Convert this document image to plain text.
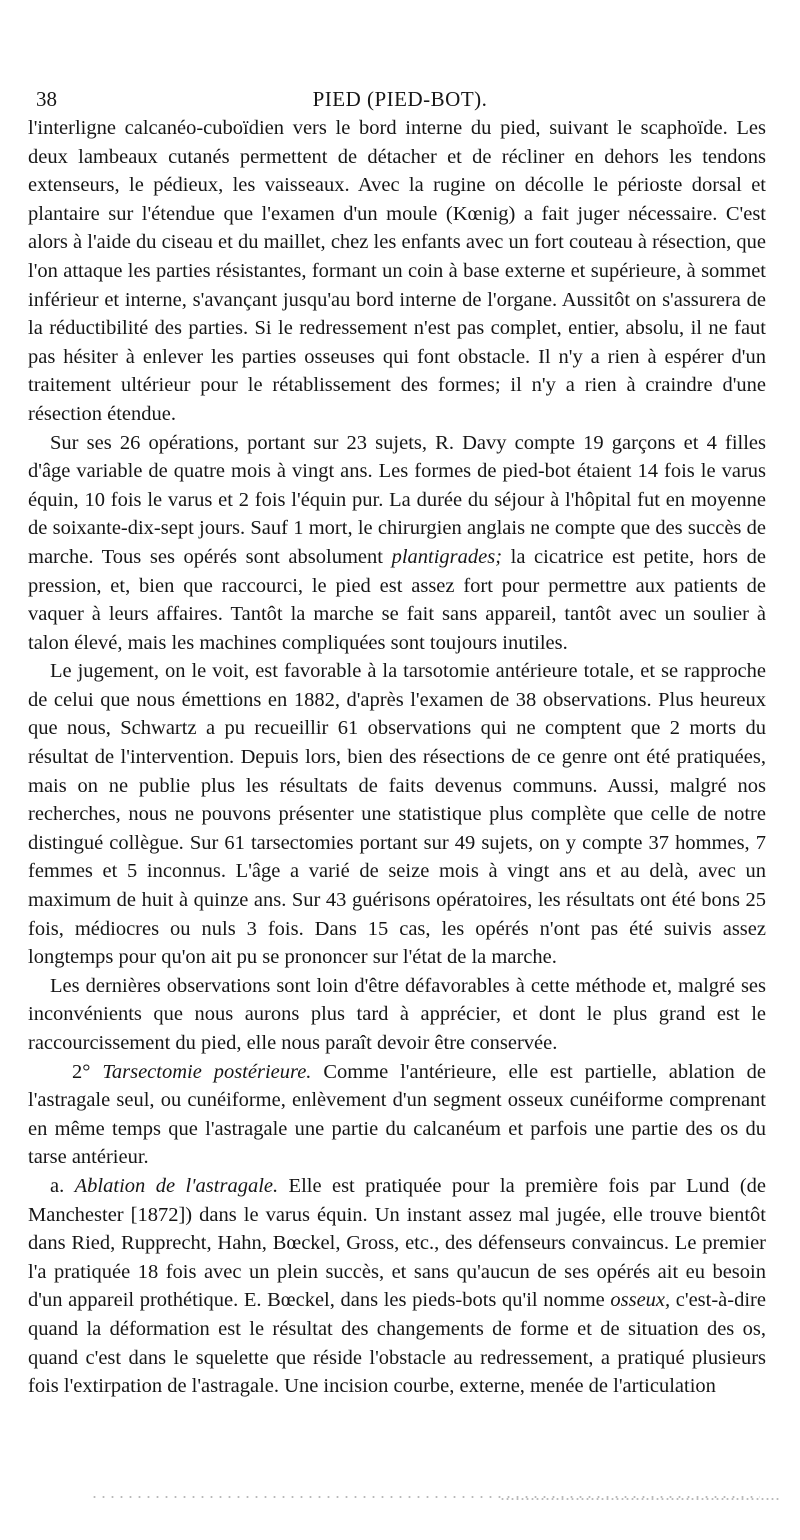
38	PIED (PIED-BOT).

l'interligne calcanéo-cuboïdien vers le bord interne du pied, suivant le scaphoïde. Les deux lambeaux cutanés permettent de détacher et de récliner en dehors les tendons extenseurs, le pédieux, les vaisseaux. Avec la rugine on décolle le périoste dorsal et plantaire sur l'étendue que l'examen d'un moule (Kœnig) a fait juger nécessaire. C'est alors à l'aide du ciseau et du maillet, chez les enfants avec un fort couteau à résection, que l'on attaque les parties résistantes, formant un coin à base externe et supérieure, à sommet inférieur et interne, s'avançant jusqu'au bord interne de l'organe. Aussitôt on s'assurera de la réductibilité des parties. Si le redressement n'est pas complet, entier, absolu, il ne faut pas hésiter à enlever les parties osseuses qui font obstacle. Il n'y a rien à espérer d'un traitement ultérieur pour le rétablissement des formes; il n'y a rien à craindre d'une résection étendue.

Sur ses 26 opérations, portant sur 23 sujets, R. Davy compte 19 garçons et 4 filles d'âge variable de quatre mois à vingt ans. Les formes de pied-bot étaient 14 fois le varus équin, 10 fois le varus et 2 fois l'équin pur. La durée du séjour à l'hôpital fut en moyenne de soixante-dix-sept jours. Sauf 1 mort, le chirurgien anglais ne compte que des succès de marche. Tous ses opérés sont absolument plantigrades; la cicatrice est petite, hors de pression, et, bien que raccourci, le pied est assez fort pour permettre aux patients de vaquer à leurs affaires. Tantôt la marche se fait sans appareil, tantôt avec un soulier à talon élevé, mais les machines compliquées sont toujours inutiles.

Le jugement, on le voit, est favorable à la tarsotomie antérieure totale, et se rapproche de celui que nous émettions en 1882, d'après l'examen de 38 observations. Plus heureux que nous, Schwartz a pu recueillir 61 observations qui ne comptent que 2 morts du résultat de l'intervention. Depuis lors, bien des résections de ce genre ont été pratiquées, mais on ne publie plus les résultats de faits devenus communs. Aussi, malgré nos recherches, nous ne pouvons présenter une statistique plus complète que celle de notre distingué collègue. Sur 61 tarsectomies portant sur 49 sujets, on y compte 37 hommes, 7 femmes et 5 inconnus. L'âge a varié de seize mois à vingt ans et au delà, avec un maximum de huit à quinze ans. Sur 43 guérisons opératoires, les résultats ont été bons 25 fois, médiocres ou nuls 3 fois. Dans 15 cas, les opérés n'ont pas été suivis assez longtemps pour qu'on ait pu se prononcer sur l'état de la marche.

Les dernières observations sont loin d'être défavorables à cette méthode et, malgré ses inconvénients que nous aurons plus tard à apprécier, et dont le plus grand est le raccourcissement du pied, elle nous paraît devoir être conservée.

2° Tarsectomie postérieure. Comme l'antérieure, elle est partielle, ablation de l'astragale seul, ou cunéiforme, enlèvement d'un segment osseux cunéiforme comprenant en même temps que l'astragale une partie du calcanéum et parfois une partie des os du tarse antérieur.

a. Ablation de l'astragale. Elle est pratiquée pour la première fois par Lund (de Manchester [1872]) dans le varus équin. Un instant assez mal jugée, elle trouve bientôt dans Ried, Rupprecht, Hahn, Bœckel, Gross, etc., des défenseurs convaincus. Le premier l'a pratiquée 18 fois avec un plein succès, et sans qu'aucun de ses opérés ait eu besoin d'un appareil prothétique. E. Bœckel, dans les pieds-bots qu'il nomme osseux, c'est-à-dire quand la déformation est le résultat des changements de forme et de situation des os, quand c'est dans le squelette que réside l'obstacle au redressement, a pratiqué plusieurs fois l'extirpation de l'astragale. Une incision courbe, externe, menée de l'articulation
